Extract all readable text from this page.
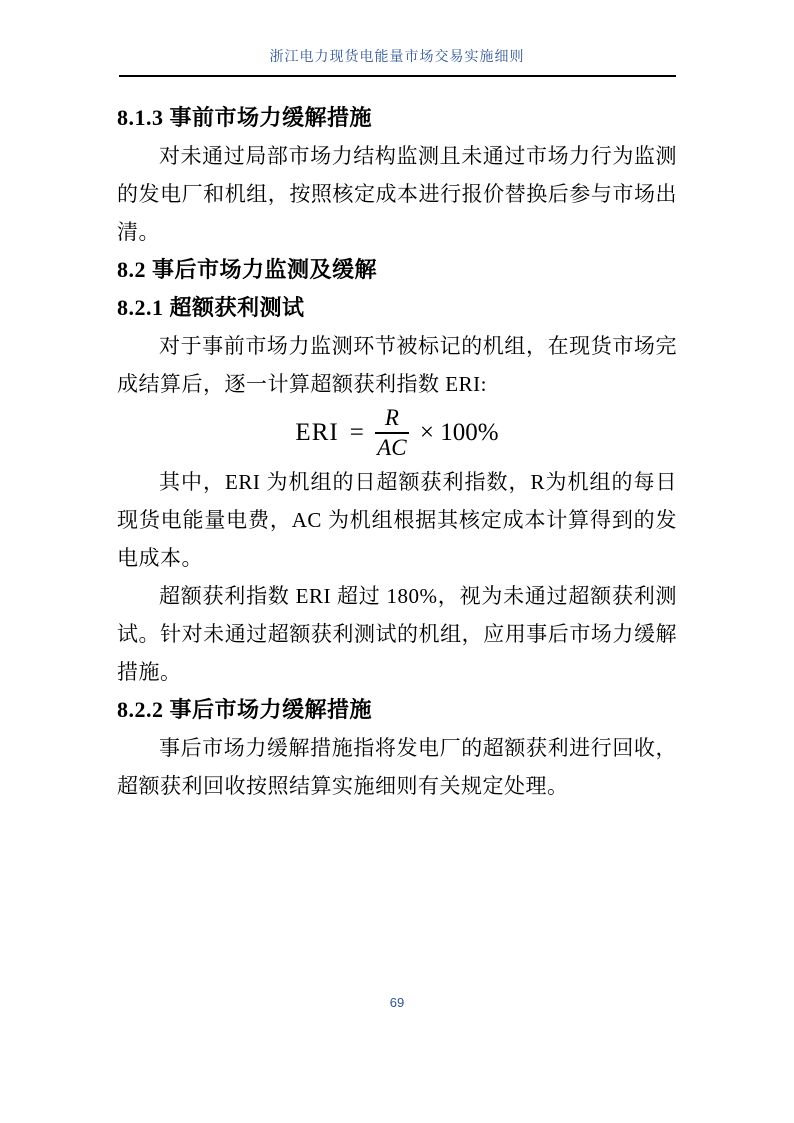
浙江电力现货电能量市场交易实施细则
8.1.3 事前市场力缓解措施

对未通过局部市场力结构监测且未通过市场力行为监测的发电厂和机组，按照核定成本进行报价替换后参与市场出清。

8.2 事后市场力监测及缓解
8.2.1 超额获利测试

对于事前市场力监测环节被标记的机组，在现货市场完成结算后，逐一计算超额获利指数 ERI:

ERI = $\frac{R}{AC} \times 100\%$

其中，ERI 为机组的日超额获利指数，R为机组的每日现货电能量电费，AC 为机组根据其核定成本计算得到的发电成本。

超额获利指数 ERI 超过 180%，视为未通过超额获利测试。针对未通过超额获利测试的机组，应用事后市场力缓解措施。

8.2.2 事后市场力缓解措施

事后市场力缓解措施指将发电厂的超额获利进行回收，超额获利回收按照结算实施细则有关规定处理。

69
